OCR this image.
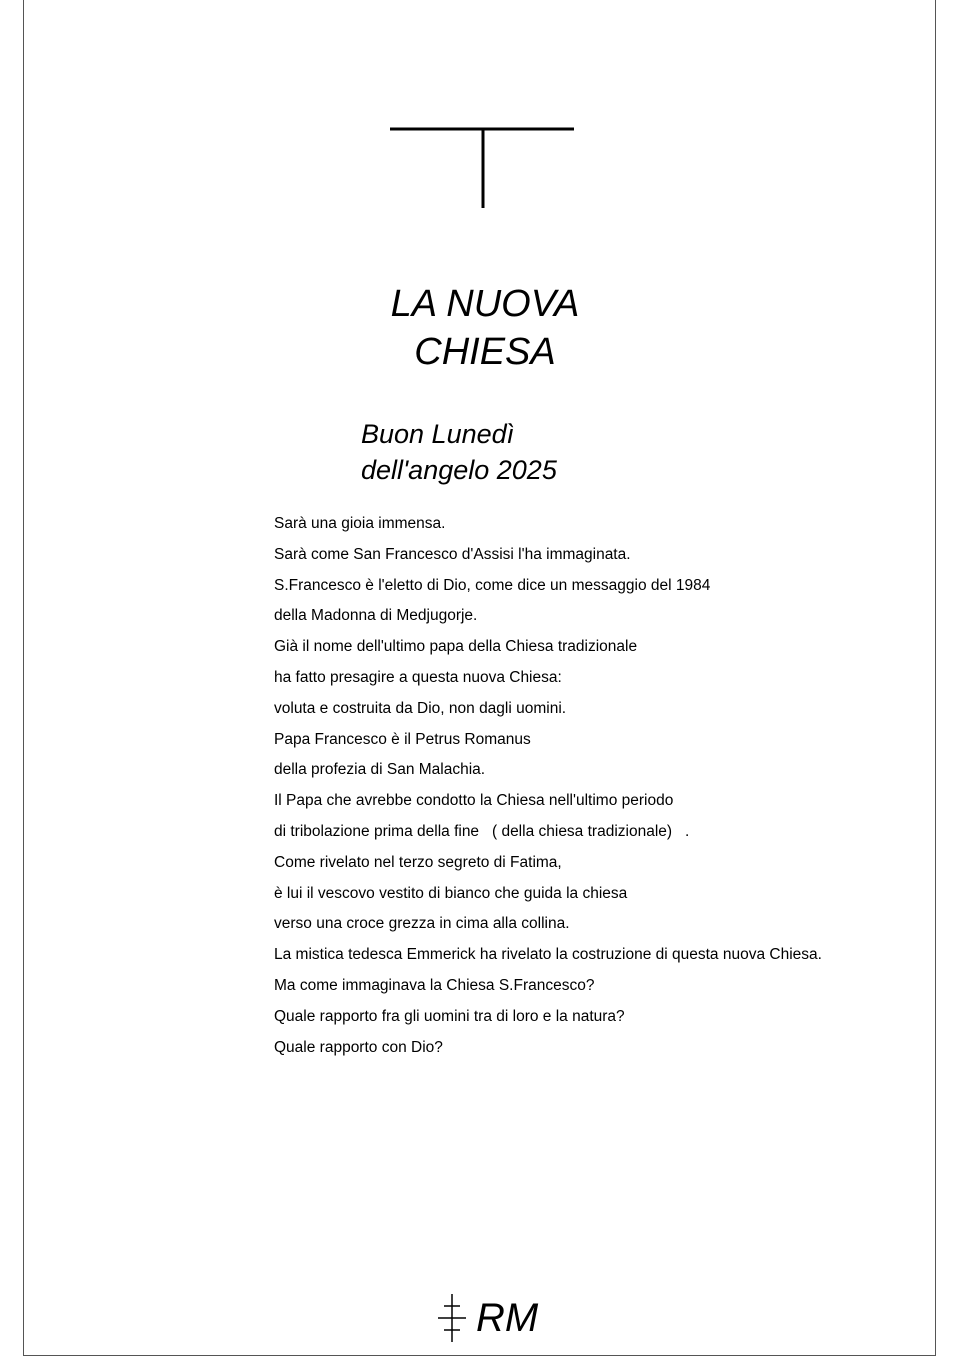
LA NUOVA
CHIESA

Buon Lunedì
dell'angelo 2025

Sarà una gioia immensa.
Sarà come San Francesco d'Assisi l'ha immaginata.
S.Francesco è l'eletto di Dio, come dice un messaggio del 1984
della Madonna di Medjugorje.
Già il nome dell'ultimo papa della Chiesa tradizionale
ha fatto presagire a questa nuova Chiesa:
voluta e costruita da Dio, non dagli uomini.
Papa Francesco è il Petrus Romanus
della profezia di San Malachia.
Il Papa che avrebbe condotto la Chiesa nell'ultimo periodo
di tribolazione prima della fine   ( della chiesa tradizionale)   .
Come rivelato nel terzo segreto di Fatima,
è lui il vescovo vestito di bianco che guida la chiesa
verso una croce grezza in cima alla collina.
La mistica tedesca Emmerick ha rivelato la costruzione di questa nuova Chiesa.
Ma come immaginava la Chiesa S.Francesco?
Quale rapporto fra gli uomini tra di loro e la natura?
Quale rapporto con Dio?
RM
